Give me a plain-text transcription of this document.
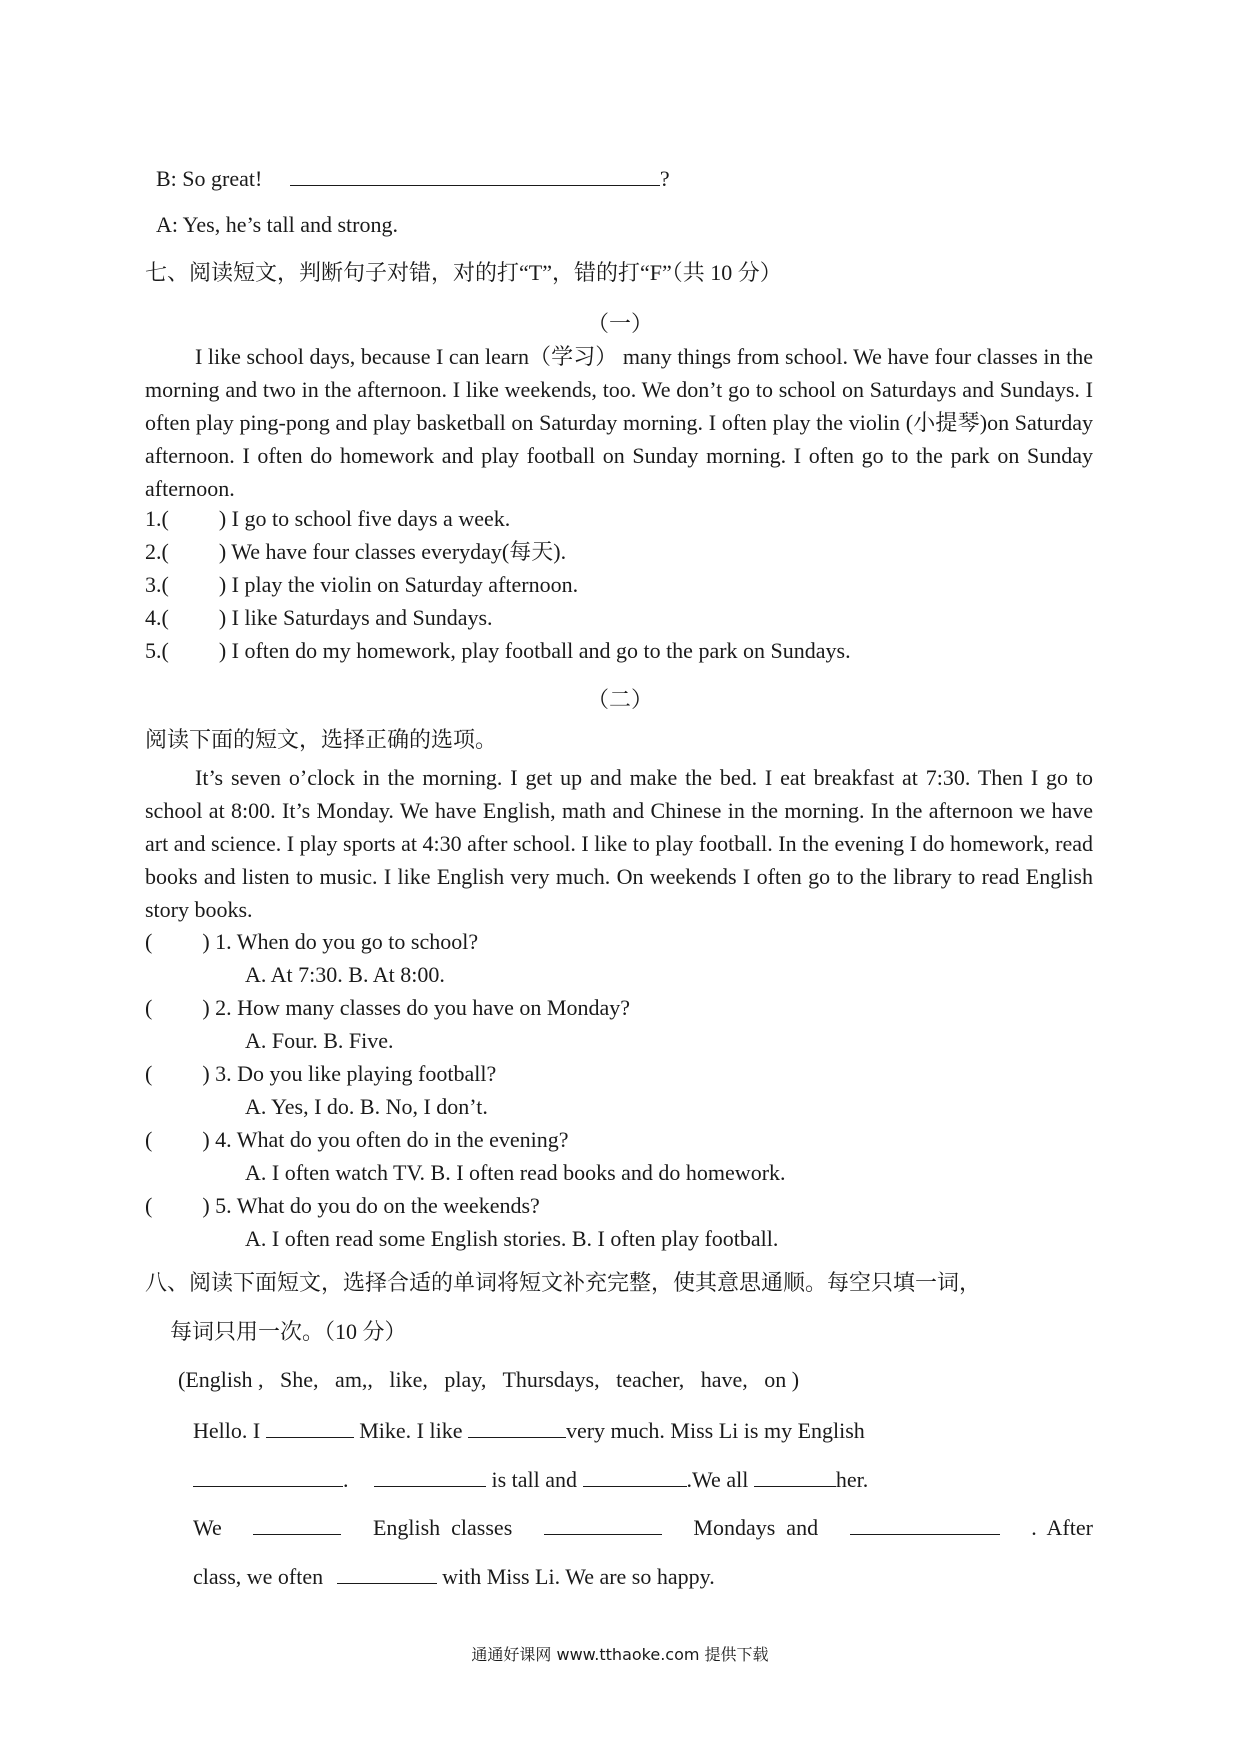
B: So great!	?
A: Yes, he’s tall and strong.
七、阅读短文，判断句子对错，对的打“T”，错的打“F”（共 10 分）
（一）
I like school days, because I can learn（学习） many things from school. We have four classes in the morning and two in the afternoon. I like weekends, too. We don’t go to school on Saturdays and Sundays. I often play ping-pong and play basketball on Saturday morning. I often play the violin (小提琴)on Saturday afternoon. I often do homework and play football on Sunday morning. I often go to the park on Sunday afternoon.
1.( ) I go to school five days a week.
2.( ) We have four classes everyday(每天).
3.( ) I play the violin on Saturday afternoon.
4.( ) I like Saturdays and Sundays.
5.( ) I often do my homework, play football and go to the park on Sundays.
（二）
阅读下面的短文，选择正确的选项。
It’s seven o’clock in the morning. I get up and make the bed. I eat breakfast at 7:30. Then I go to school at 8:00. It’s Monday. We have English, math and Chinese in the morning. In the afternoon we have art and science. I play sports at 4:30 after school. I like to play football. In the evening I do homework, read books and listen to music. I like English very much. On weekends I often go to the library to read English story books.
( ) 1. When do you go to school?
A. At 7:30. B. At 8:00.
( ) 2. How many classes do you have on Monday?
A. Four. B. Five.
( ) 3. Do you like playing football?
A. Yes, I do. B. No, I don’t.
( ) 4. What do you often do in the evening?
A. I often watch TV. B. I often read books and do homework.
( ) 5. What do you do on the weekends?
A. I often read some English stories. B. I often play football.
八、阅读下面短文，选择合适的单词将短文补充完整，使其意思通顺。每空只填一词，
每词只用一次。（10 分）
(English ,   She,   am,,   like,   play,   Thursdays,   teacher,   have,   on )
Hello. I	Mike. I like	very much. Miss Li is my English
.	is tall and	.We all	her.
We	English  classes	Mondays  and	.  After
class, we often	with Miss Li. We are so happy.
通通好课网 www.tthaoke.com 提供下载
